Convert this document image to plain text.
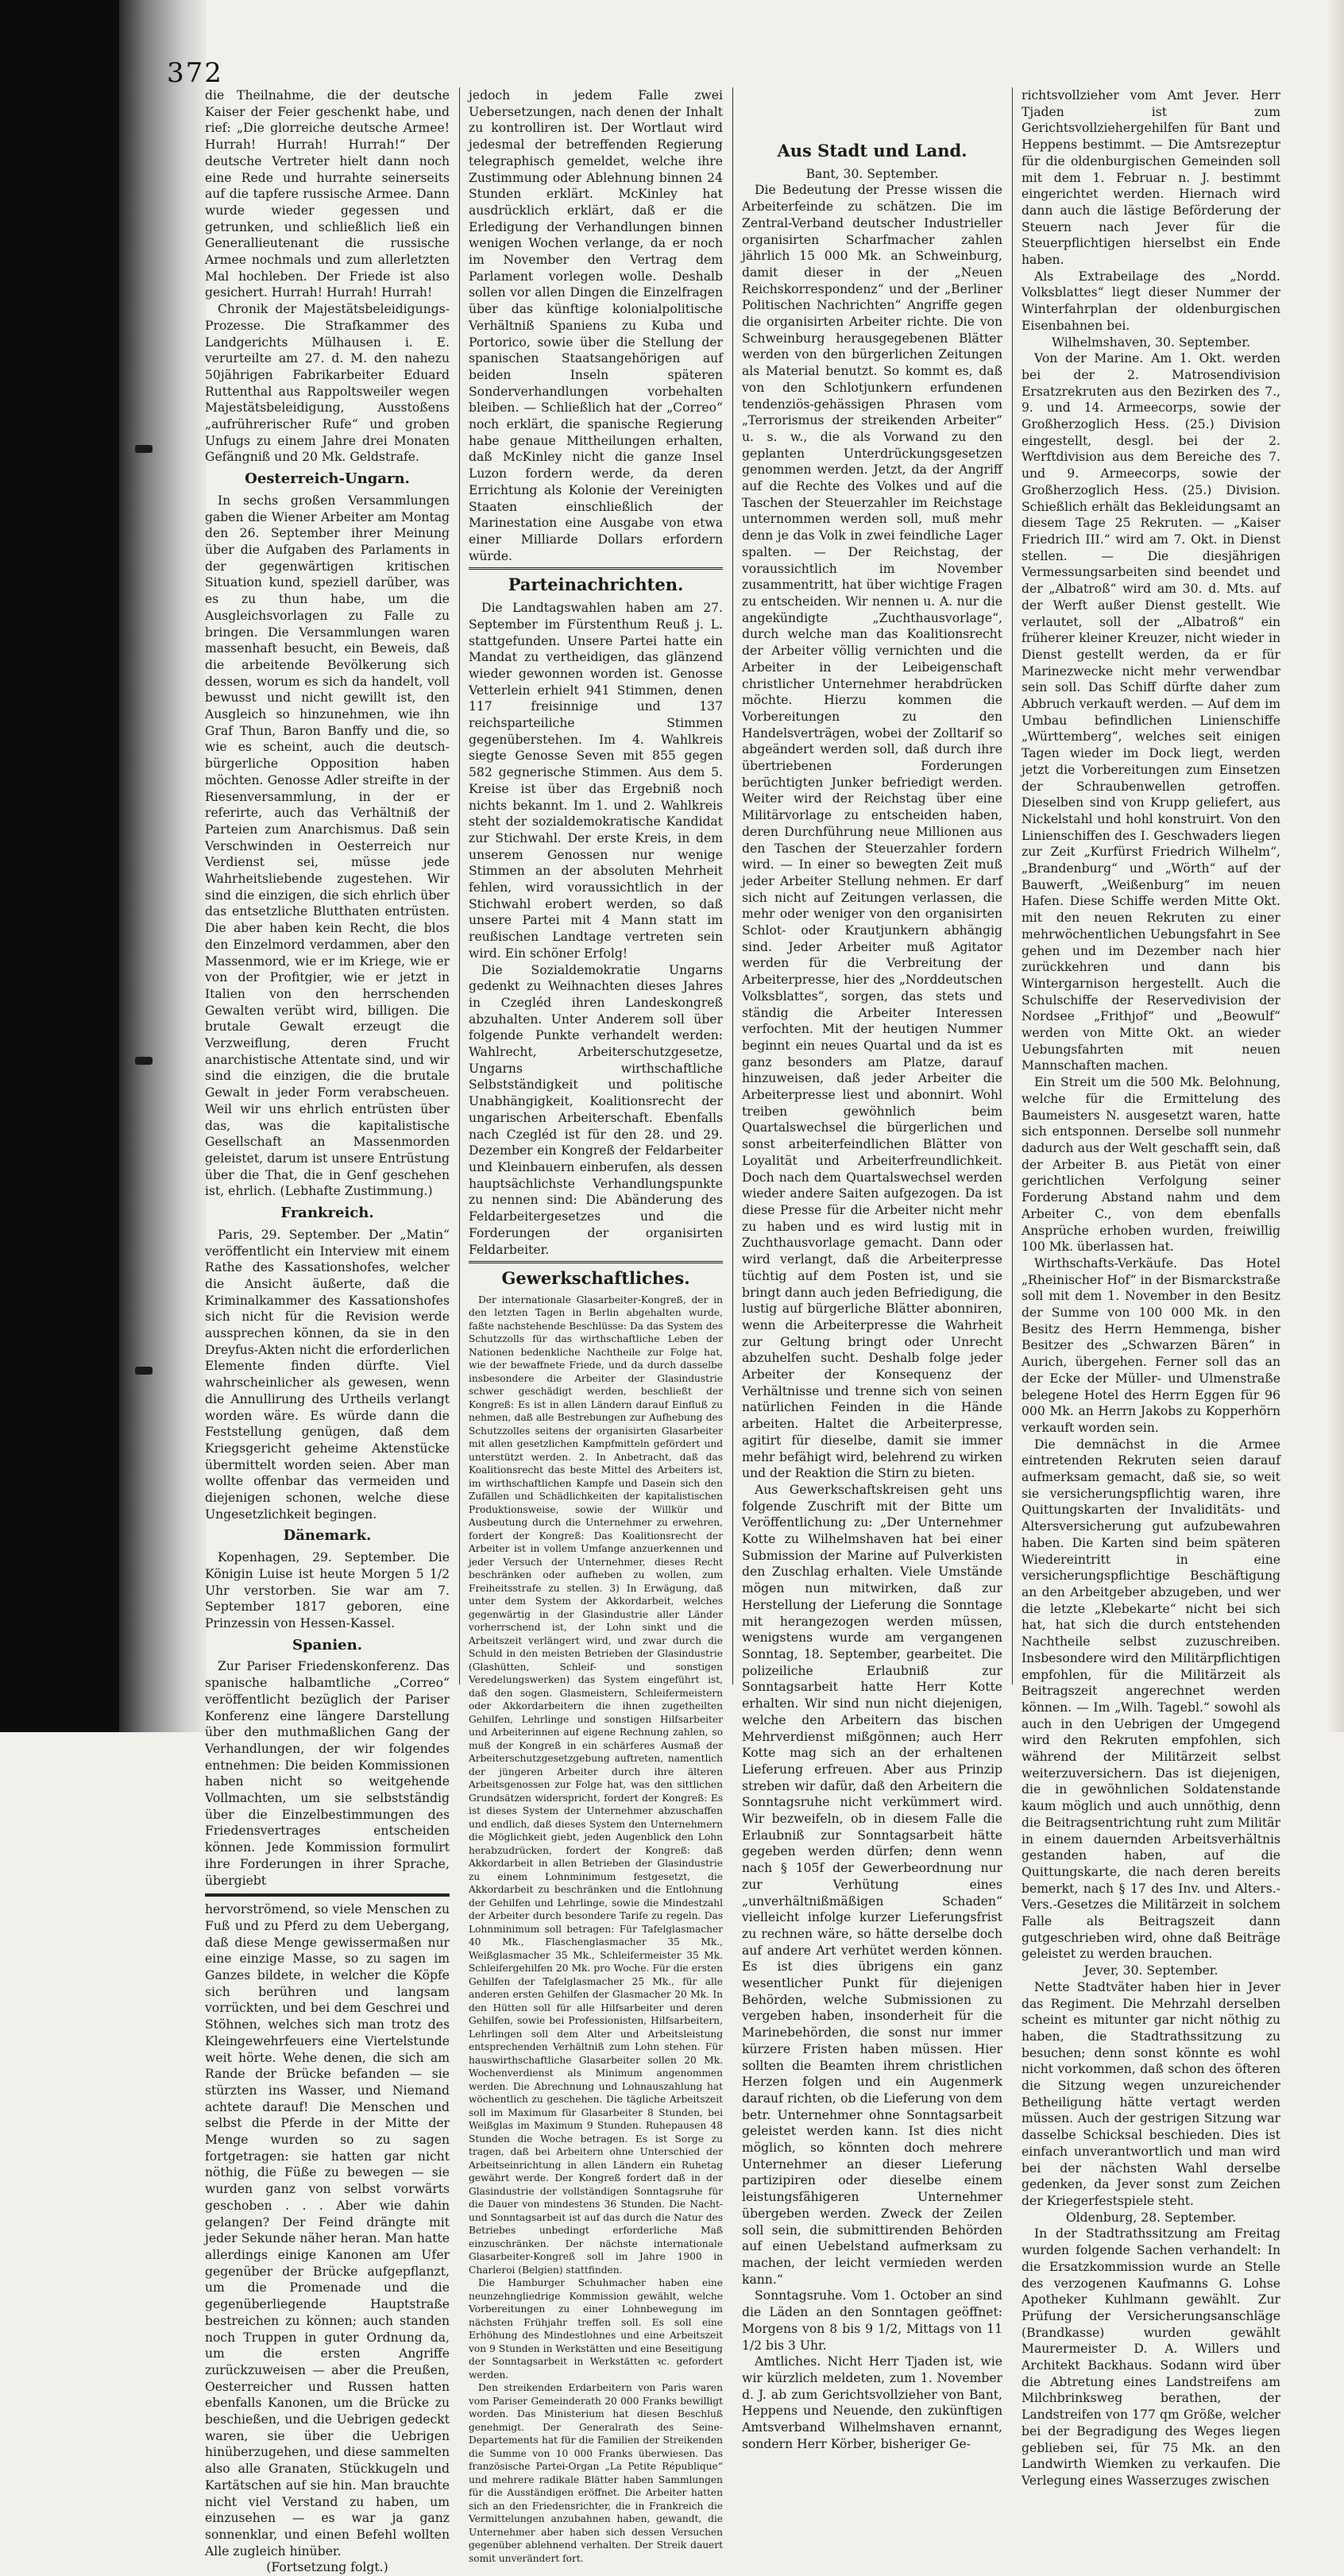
372

die Theilnahme, die der deutsche Kaiser der Feier geschenkt habe, und rief: „Die glorreiche deutsche Armee! Hurrah! Hurrah! Hurrah!“ Der deutsche Vertreter hielt dann noch eine Rede und hurrahte seinerseits auf die tapfere russische Armee. Dann wurde wieder gegessen und getrunken, und schließlich ließ ein Generallieutenant die russische Armee nochmals und zum allerletzten Mal hochleben. Der Friede ist also gesichert. Hurrah! Hurrah! Hurrah!

Chronik der Majestätsbeleidigungs-Prozesse. Die Strafkammer des Landgerichts Mülhausen i. E. verurteilte am 27. d. M. den nahezu 50jährigen Fabrikarbeiter Eduard Ruttenthal aus Rappoltsweiler wegen Majestätsbeleidigung, Ausstoßens „aufrührerischer Rufe“ und groben Unfugs zu einem Jahre drei Monaten Gefängniß und 20 Mk. Geldstrafe.

Oesterreich-Ungarn.

In sechs großen Versammlungen gaben die Wiener Arbeiter am Montag den 26. September ihrer Meinung über die Aufgaben des Parlaments in der gegenwärtigen kritischen Situation kund, speziell darüber, was es zu thun habe, um die Ausgleichsvorlagen zu Falle zu bringen. Die Versammlungen waren massenhaft besucht, ein Beweis, daß die arbeitende Bevölkerung sich dessen, worum es sich da handelt, voll bewusst und nicht gewillt ist, den Ausgleich so hinzunehmen, wie ihn Graf Thun, Baron Banffy und die, so wie es scheint, auch die deutsch-bürgerliche Opposition haben möchten. Genosse Adler streifte in der Riesenversammlung, in der er referirte, auch das Verhältniß der Parteien zum Anarchismus. Daß sein Verschwinden in Oesterreich nur Verdienst sei, müsse jede Wahrheitsliebende zugestehen. Wir sind die einzigen, die sich ehrlich über das entsetzliche Blutthaten entrüsten. Die aber haben kein Recht, die blos den Einzelmord verdammen, aber den Massenmord, wie er im Kriege, wie er von der Profitgier, wie er jetzt in Italien von den herrschenden Gewalten verübt wird, billigen. Die brutale Gewalt erzeugt die Verzweiflung, deren Frucht anarchistische Attentate sind, und wir sind die einzigen, die die brutale Gewalt in jeder Form verabscheuen. Weil wir uns ehrlich entrüsten über das, was die kapitalistische Gesellschaft an Massenmorden geleistet, darum ist unsere Entrüstung über die That, die in Genf geschehen ist, ehrlich. (Lebhafte Zustimmung.)

Frankreich.

Paris, 29. September. Der „Matin“ veröffentlicht ein Interview mit einem Rathe des Kassationshofes, welcher die Ansicht äußerte, daß die Kriminalkammer des Kassationshofes sich nicht für die Revision werde aussprechen können, da sie in den Dreyfus-Akten nicht die erforderlichen Elemente finden dürfte. Viel wahrscheinlicher als gewesen, wenn die Annullirung des Urtheils verlangt worden wäre. Es würde dann die Feststellung genügen, daß dem Kriegsgericht geheime Aktenstücke übermittelt worden seien. Aber man wollte offenbar das vermeiden und diejenigen schonen, welche diese Ungesetzlichkeit begingen.

Dänemark.

Kopenhagen, 29. September. Die Königin Luise ist heute Morgen 5 1/2 Uhr verstorben. Sie war am 7. September 1817 geboren, eine Prinzessin von Hessen-Kassel.

Spanien.

Zur Pariser Friedenskonferenz. Das spanische halbamtliche „Correo“ veröffentlicht bezüglich der Pariser Konferenz eine längere Darstellung über den muthmaßlichen Gang der Verhandlungen, der wir folgendes entnehmen: Die beiden Kommissionen haben nicht so weitgehende Vollmachten, um sie selbstständig über die Einzelbestimmungen des Friedensvertrages entscheiden können. Jede Kommission formulirt ihre Forderungen in ihrer Sprache, übergiebt

hervorströmend, so viele Menschen zu Fuß und zu Pferd zu dem Uebergang, daß diese Menge gewissermaßen nur eine einzige Masse, so zu sagen im Ganzes bildete, in welcher die Köpfe sich berühren und langsam vorrückten, und bei dem Geschrei und Stöhnen, welches sich man trotz des Kleingewehrfeuers eine Viertelstunde weit hörte. Wehe denen, die sich am Rande der Brücke befanden — sie stürzten ins Wasser, und Niemand achtete darauf! Die Menschen und selbst die Pferde in der Mitte der Menge wurden so zu sagen fortgetragen: sie hatten gar nicht nöthig, die Füße zu bewegen — sie wurden ganz von selbst vorwärts geschoben . . . Aber wie dahin gelangen? Der Feind drängte mit jeder Sekunde näher heran. Man hatte allerdings einige Kanonen am Ufer gegenüber der Brücke aufgepflanzt, um die Promenade und die gegenüberliegende Hauptstraße bestreichen zu können; auch standen noch Truppen in guter Ordnung da, um die ersten Angriffe zurückzuweisen — aber die Preußen, Oesterreicher und Russen hatten ebenfalls Kanonen, um die Brücke zu beschießen, und die Uebrigen gedeckt waren, sie über die Uebrigen hinüberzugehen, und diese sammelten also alle Granaten, Stückkugeln und Kartätschen auf sie hin. Man brauchte nicht viel Verstand zu haben, um einzusehen — es war ja ganz sonnenklar, und einen Befehl wollten Alle zugleich hinüber.

(Fortsetzung folgt.)

jedoch in jedem Falle zwei Uebersetzungen, nach denen der Inhalt zu kontrolliren ist. Der Wortlaut wird jedesmal der betreffenden Regierung telegraphisch gemeldet, welche ihre Zustimmung oder Ablehnung binnen 24 Stunden erklärt. McKinley hat ausdrücklich erklärt, daß er die Erledigung der Verhandlungen binnen wenigen Wochen verlange, da er noch im November den Vertrag dem Parlament vorlegen wolle. Deshalb sollen vor allen Dingen die Einzelfragen über das künftige kolonialpolitische Verhältniß Spaniens zu Kuba und Portorico, sowie über die Stellung der spanischen Staatsangehörigen auf beiden Inseln späteren Sonderverhandlungen vorbehalten bleiben. — Schließlich hat der „Correo“ noch erklärt, die spanische Regierung habe genaue Mittheilungen erhalten, daß McKinley nicht die ganze Insel Luzon fordern werde, da deren Errichtung als Kolonie der Vereinigten Staaten einschließlich der Marinestation eine Ausgabe von etwa einer Milliarde Dollars erfordern würde.

Parteinachrichten.

Die Landtagswahlen haben am 27. September im Fürstenthum Reuß j. L. stattgefunden. Unsere Partei hatte ein Mandat zu vertheidigen, das glänzend wieder gewonnen worden ist. Genosse Vetterlein erhielt 941 Stimmen, denen 117 freisinnige und 137 reichsparteiliche Stimmen gegenüberstehen. Im 4. Wahlkreis siegte Genosse Seven mit 855 gegen 582 gegnerische Stimmen. Aus dem 5. Kreise ist über das Ergebniß noch nichts bekannt. Im 1. und 2. Wahlkreis steht der sozialdemokratische Kandidat zur Stichwahl. Der erste Kreis, in dem unserem Genossen nur wenige Stimmen an der absoluten Mehrheit fehlen, wird voraussichtlich in der Stichwahl erobert werden, so daß unsere Partei mit 4 Mann statt im reußischen Landtage vertreten sein wird. Ein schöner Erfolg!

Die Sozialdemokratie Ungarns gedenkt zu Weihnachten dieses Jahres in Czegléd ihren Landeskongreß abzuhalten. Unter Anderem soll über folgende Punkte verhandelt werden: Wahlrecht, Arbeiterschutzgesetze, Ungarns wirthschaftliche Selbstständigkeit und politische Unabhängigkeit, Koalitionsrecht der ungarischen Arbeiterschaft. Ebenfalls nach Czegléd ist für den 28. und 29. Dezember ein Kongreß der Feldarbeiter und Kleinbauern einberufen, als dessen hauptsächlichste Verhandlungspunkte zu nennen sind: Die Abänderung des Feldarbeitergesetzes und die Forderungen der organisirten Feldarbeiter.

Gewerkschaftliches.

Der internationale Glasarbeiter-Kongreß, der in den letzten Tagen in Berlin abgehalten wurde, faßte nachstehende Beschlüsse: Da das System des Schutzzolls für das wirthschaftliche Leben der Nationen bedenkliche Nachtheile zur Folge hat, wie der bewaffnete Friede, und da durch dasselbe insbesondere die Arbeiter der Glasindustrie schwer geschädigt werden, beschließt der Kongreß: Es ist in allen Ländern darauf Einfluß zu nehmen, daß alle Bestrebungen zur Aufhebung des Schutzzolles seitens der organisirten Glasarbeiter mit allen gesetzlichen Kampfmitteln gefördert und unterstützt werden. 2. In Anbetracht, daß das Koalitionsrecht das beste Mittel des Arbeiters ist, im wirthschaftlichen Kampfe und Dasein sich den Zufällen und Schädlichkeiten der kapitalistischen Produktionsweise, sowie der Willkür und Ausbeutung durch die Unternehmer zu erwehren, fordert der Kongreß: Das Koalitionsrecht der Arbeiter ist in vollem Umfange anzuerkennen und jeder Versuch der Unternehmer, dieses Recht beschränken oder aufheben zu wollen, zum Freiheitsstrafe zu stellen. 3) In Erwägung, daß unter dem System der Akkordarbeit, welches gegenwärtig in der Glasindustrie aller Länder vorherrschend ist, der Lohn sinkt und die Arbeitszeit verlängert wird, und zwar durch die Schuld in den meisten Betrieben der Glasindustrie (Glashütten, Schleif- und sonstigen Veredelungswerken) das System eingeführt ist, daß den sogen. Glasmeistern, Schleifermeistern oder Akkordarbeitern die ihnen zugetheilten Gehilfen, Lehrlinge und sonstigen Hilfsarbeiter und Arbeiterinnen auf eigene Rechnung zahlen, so muß der Kongreß in ein schärferes Ausmaß der Arbeiterschutzgesetzgebung auftreten, namentlich der jüngeren Arbeiter durch ihre älteren Arbeitsgenossen zur Folge hat, was den sittlichen Grundsätzen widerspricht, fordert der Kongreß: Es ist dieses System der Unternehmer abzuschaffen und endlich, daß dieses System den Unternehmern die Möglichkeit giebt, jeden Augenblick den Lohn herabzudrücken, fordert der Kongreß: daß Akkordarbeit in allen Betrieben der Glasindustrie zu einem Lohnminimum festgesetzt, die Akkordarbeit zu beschränken und die Entlohnung der Gehilfen und Lehrlinge, sowie die Mindestzahl der Arbeiter durch besondere Tarife zu regeln. Das Lohnminimum soll betragen: Für Tafelglasmacher 40 Mk., Flaschenglasmacher 35 Mk., Weißglasmacher 35 Mk., Schleifermeister 35 Mk. Schleifergehilfen 20 Mk. pro Woche. Für die ersten Gehilfen der Tafelglasmacher 25 Mk., für alle anderen ersten Gehilfen der Glasmacher 20 Mk. In den Hütten soll für alle Hilfsarbeiter und deren Gehilfen, sowie bei Professionisten, Hilfsarbeitern, Lehrlingen soll dem Alter und Arbeitsleistung entsprechenden Verhältniß zum Lohn stehen. Für hauswirthschaftliche Glasarbeiter sollen 20 Mk. Wochenverdienst als Minimum angenommen werden. Die Abrechnung und Lohnauszahlung hat wöchentlich zu geschehen. Die tägliche Arbeitszeit soll im Maximum für Glasarbeiter 8 Stunden, bei Weißglas im Maximum 9 Stunden. Ruhepausen 48 Stunden die Woche betragen. Es ist Sorge zu tragen, daß bei Arbeitern ohne Unterschied der Arbeitseinrichtung in allen Ländern ein Ruhetag gewährt werde. Der Kongreß fordert daß in der Glasindustrie der vollständigen Sonntagsruhe für die Dauer von mindestens 36 Stunden. Die Nacht- und Sonntagsarbeit ist auf das durch die Natur des Betriebes unbedingt erforderliche Maß einzuschränken. Der nächste internationale Glasarbeiter-Kongreß soll im Jahre 1900 in Charleroi (Belgien) stattfinden.

Die Hamburger Schuhmacher haben eine neunzehngliedrige Kommission gewählt, welche Vorbereitungen zu einer Lohnbewegung im nächsten Frühjahr treffen soll. Es soll eine Erhöhung des Mindestlohnes und eine Arbeitszeit von 9 Stunden in Werkstätten und eine Beseitigung der Sonntagsarbeit in Werkstätten ꝛc. gefordert werden.

Den streikenden Erdarbeitern von Paris waren vom Pariser Gemeinderath 20 000 Franks bewilligt worden. Das Ministerium hat diesen Beschluß genehmigt. Der Generalrath des Seine-Departements hat für die Familien der Streikenden die Summe von 10 000 Franks überwiesen. Das französische Partei-Organ „La Petite République“ und mehrere radikale Blätter haben Sammlungen für die Ausständigen eröffnet. Die Arbeiter hatten sich an den Friedensrichter, die in Frankreich die Vermittelungen anzubahnen haben, gewandt, die Unternehmer aber haben sich dessen Versuchen gegenüber ablehnend verhalten. Der Streik dauert somit unverändert fort.

Aus Stadt und Land.

Bant, 30. September.

Die Bedeutung der Presse wissen die Arbeiterfeinde zu schätzen. Die im Zentral-Verband deutscher Industrieller organisirten Scharfmacher zahlen jährlich 15 000 Mk. an Schweinburg, damit dieser in der „Neuen Reichskorrespondenz“ und der „Berliner Politischen Nachrichten“ Angriffe gegen die organisirten Arbeiter richte. Die von Schweinburg herausgegebenen Blätter werden von den bürgerlichen Zeitungen als Material benutzt. So kommt es, daß von den Schlotjunkern erfundenen tendenziös-gehässigen Phrasen vom „Terrorismus der streikenden Arbeiter“ u. s. w., die als Vorwand zu den geplanten Unterdrückungsgesetzen genommen werden. Jetzt, da der Angriff auf die Rechte des Volkes und auf die Taschen der Steuerzahler im Reichstage unternommen werden soll, muß mehr denn je das Volk in zwei feindliche Lager spalten. — Der Reichstag, der voraussichtlich im November zusammentritt, hat über wichtige Fragen zu entscheiden. Wir nennen u. A. nur die angekündigte „Zuchthausvorlage“, durch welche man das Koalitionsrecht der Arbeiter völlig vernichten und die Arbeiter in der Leibeigenschaft christlicher Unternehmer herabdrücken möchte. Hierzu kommen die Vorbereitungen zu den Handelsverträgen, wobei der Zolltarif so abgeändert werden soll, daß durch ihre übertriebenen Forderungen berüchtigten Junker befriedigt werden. Weiter wird der Reichstag über eine Militärvorlage zu entscheiden haben, deren Durchführung neue Millionen aus den Taschen der Steuerzahler fordern wird. — In einer so bewegten Zeit muß jeder Arbeiter Stellung nehmen. Er darf sich nicht auf Zeitungen verlassen, die mehr oder weniger von den organisirten Schlot- oder Krautjunkern abhängig sind. Jeder Arbeiter muß Agitator werden für die Verbreitung der Arbeiterpresse, hier des „Norddeutschen Volksblattes“, sorgen, das stets und ständig die Arbeiter Interessen verfochten. Mit der heutigen Nummer beginnt ein neues Quartal und da ist es ganz besonders am Platze, darauf hinzuweisen, daß jeder Arbeiter die Arbeiterpresse liest und abonnirt. Wohl treiben gewöhnlich beim Quartalswechsel die bürgerlichen und sonst arbeiterfeindlichen Blätter von Loyalität und Arbeiterfreundlichkeit. Doch nach dem Quartalswechsel werden wieder andere Saiten aufgezogen. Da ist diese Presse für die Arbeiter nicht mehr zu haben und es wird lustig mit in Zuchthausvorlage gemacht. Dann oder wird verlangt, daß die Arbeiterpresse tüchtig auf dem Posten ist, und sie bringt dann auch jeden Befriedigung, die lustig auf bürgerliche Blätter abonniren, wenn die Arbeiterpresse die Wahrheit zur Geltung bringt oder Unrecht abzuhelfen sucht. Deshalb folge jeder Arbeiter der Konsequenz der Verhältnisse und trenne sich von seinen natürlichen Feinden in die Hände arbeiten. Haltet die Arbeiterpresse, agitirt für dieselbe, damit sie immer mehr befähigt wird, belehrend zu wirken und der Reaktion die Stirn zu bieten.

Aus Gewerkschaftskreisen geht uns folgende Zuschrift mit der Bitte um Veröffentlichung zu: „Der Unternehmer Kotte zu Wilhelmshaven hat bei einer Submission der Marine auf Pulverkisten den Zuschlag erhalten. Viele Umstände mögen nun mitwirken, daß zur Herstellung der Lieferung die Sonntage mit herangezogen werden müssen, wenigstens wurde am vergangenen Sonntag, 18. September, gearbeitet. Die polizeiliche Erlaubniß zur Sonntagsarbeit hatte Herr Kotte erhalten. Wir sind nun nicht diejenigen, welche den Arbeitern das bischen Mehrverdienst mißgönnen; auch Herr Kotte mag sich an der erhaltenen Lieferung erfreuen. Aber aus Prinzip streben wir dafür, daß den Arbeitern die Sonntagsruhe nicht verkümmert wird. Wir bezweifeln, ob in diesem Falle die Erlaubniß zur Sonntagsarbeit hätte gegeben werden dürfen; denn wenn nach § 105f der Gewerbeordnung nur zur Verhütung eines „unverhältnißmäßigen Schaden“ vielleicht infolge kurzer Lieferungsfrist zu rechnen wäre, so hätte derselbe doch auf andere Art verhütet werden können. Es ist dies übrigens ein ganz wesentlicher Punkt für diejenigen Behörden, welche Submissionen zu vergeben haben, insonderheit für die Marinebehörden, die sonst nur immer kürzere Fristen haben müssen. Hier sollten die Beamten ihrem christlichen Herzen folgen und ein Augenmerk darauf richten, ob die Lieferung von dem betr. Unternehmer ohne Sonntagsarbeit geleistet werden kann. Ist dies nicht möglich, so könnten doch mehrere Unternehmer an dieser Lieferung partizipiren oder dieselbe einem leistungsfähigeren Unternehmer übergeben werden. Zweck der Zeilen soll sein, die submittirenden Behörden auf einen Uebelstand aufmerksam zu machen, der leicht vermieden werden kann.“

Sonntagsruhe. Vom 1. October an sind die Läden an den Sonntagen geöffnet: Morgens von 8 bis 9 1/2, Mittags von 11 1/2 bis 3 Uhr.

Amtliches. Nicht Herr Tjaden ist, wie wir kürzlich meldeten, zum 1. November d. J. ab zum Gerichtsvollzieher von Bant, Heppens und Neuende, den zukünftigen Amtsverband Wilhelmshaven ernannt, sondern Herr Körber, bisheriger Ge-

richtsvollzieher vom Amt Jever. Herr Tjaden ist zum Gerichtsvollziehergehilfen für Bant und Heppens bestimmt. — Die Amtsrezeptur für die oldenburgischen Gemeinden soll mit dem 1. Februar n. J. bestimmt eingerichtet werden. Hiernach wird dann auch die lästige Beförderung der Steuern nach Jever für die Steuerpflichtigen hierselbst ein Ende haben.

Als Extrabeilage des „Nordd. Volksblattes“ liegt dieser Nummer der Winterfahrplan der oldenburgischen Eisenbahnen bei.

Wilhelmshaven, 30. September.

Von der Marine. Am 1. Okt. werden bei der 2. Matrosendivision Ersatzrekruten aus den Bezirken des 7., 9. und 14. Armeecorps, sowie der Großherzoglich Hess. (25.) Division eingestellt, desgl. bei der 2. Werftdivision aus dem Bereiche des 7. und 9. Armeecorps, sowie der Großherzoglich Hess. (25.) Division. Schießlich erhält das Bekleidungsamt an diesem Tage 25 Rekruten. — „Kaiser Friedrich III.“ wird am 7. Okt. in Dienst stellen. — Die diesjährigen Vermessungsarbeiten sind beendet und der „Albatroß“ wird am 30. d. Mts. auf der Werft außer Dienst gestellt. Wie verlautet, soll der „Albatroß“ ein früherer kleiner Kreuzer, nicht wieder in Dienst gestellt werden, da er für Marinezwecke nicht mehr verwendbar sein soll. Das Schiff dürfte daher zum Abbruch verkauft werden. — Auf dem im Umbau befindlichen Linienschiffe „Württemberg“, welches seit einigen Tagen wieder im Dock liegt, werden jetzt die Vorbereitungen zum Einsetzen der Schraubenwellen getroffen. Dieselben sind von Krupp geliefert, aus Nickelstahl und hohl konstruirt. Von den Linienschiffen des I. Geschwaders liegen zur Zeit „Kurfürst Friedrich Wilhelm“, „Brandenburg“ und „Wörth“ auf der Bauwerft, „Weißenburg“ im neuen Hafen. Diese Schiffe werden Mitte Okt. mit den neuen Rekruten zu einer mehrwöchentlichen Uebungsfahrt in See gehen und im Dezember nach hier zurückkehren und dann bis Wintergarnison hergestellt. Auch die Schulschiffe der Reservedivision der Nordsee „Frithjof“ und „Beowulf“ werden von Mitte Okt. an wieder Uebungsfahrten mit neuen Mannschaften machen.

Ein Streit um die 500 Mk. Belohnung, welche für die Ermittelung des Baumeisters N. ausgesetzt waren, hatte sich entsponnen. Derselbe soll nunmehr dadurch aus der Welt geschafft sein, daß der Arbeiter B. aus Pietät von einer gerichtlichen Verfolgung seiner Forderung Abstand nahm und dem Arbeiter C., von dem ebenfalls Ansprüche erhoben wurden, freiwillig 100 Mk. überlassen hat.

Wirthschafts-Verkäufe. Das Hotel „Rheinischer Hof“ in der Bismarckstraße soll mit dem 1. November in den Besitz der Summe von 100 000 Mk. in den Besitz des Herrn Hemmenga, bisher Besitzer des „Schwarzen Bären“ in Aurich, übergehen. Ferner soll das an der Ecke der Müller- und Ulmenstraße belegene Hotel des Herrn Eggen für 96 000 Mk. an Herrn Jakobs zu Kopperhörn verkauft worden sein.

Die demnächst in die Armee eintretenden Rekruten seien darauf aufmerksam gemacht, daß sie, so weit sie versicherungspflichtig waren, ihre Quittungskarten der Invaliditäts- und Altersversicherung gut aufzubewahren haben. Die Karten sind beim späteren Wiedereintritt in eine versicherungspflichtige Beschäftigung an den Arbeitgeber abzugeben, und wer die letzte „Klebekarte“ nicht bei sich hat, hat sich die durch entstehenden Nachtheile selbst zuzuschreiben. Insbesondere wird den Militärpflichtigen empfohlen, für die Militärzeit als Beitragszeit angerechnet werden können. — Im „Wilh. Tagebl.“ sowohl als auch in den Uebrigen der Umgegend wird den Rekruten empfohlen, sich während der Militärzeit selbst weiterzuversichern. Das ist diejenigen, die in gewöhnlichen Soldatenstande kaum möglich und auch unnöthig, denn die Beitragsentrichtung ruht zum Militär in einem dauernden Arbeitsverhältnis gestanden haben, auf die Quittungskarte, die nach deren bereits bemerkt, nach § 17 des Inv. und Alters.-Vers.-Gesetzes die Militärzeit in solchem Falle als Beitragszeit dann gutgeschrieben wird, ohne daß Beiträge geleistet zu werden brauchen.

Jever, 30. September.

Nette Stadtväter haben hier in Jever das Regiment. Die Mehrzahl derselben scheint es mitunter gar nicht nöthig zu haben, die Stadtrathssitzung zu besuchen; denn sonst könnte es wohl nicht vorkommen, daß schon des öfteren die Sitzung wegen unzureichender Betheiligung hätte vertagt werden müssen. Auch der gestrigen Sitzung war dasselbe Schicksal beschieden. Dies ist einfach unverantwortlich und man wird bei der nächsten Wahl derselbe gedenken, da Jever sonst zum Zeichen der Kriegerfestspiele steht.

Oldenburg, 28. September.

In der Stadtrathssitzung am Freitag wurden folgende Sachen verhandelt: In die Ersatzkommission wurde an Stelle des verzogenen Kaufmanns G. Lohse Apotheker Kuhlmann gewählt. Zur Prüfung der Versicherungsanschläge (Brandkasse) wurden gewählt Maurermeister D. A. Willers und Architekt Backhaus. Sodann wird über die Abtretung eines Landstreifens am Milchbrinksweg berathen, der Landstreifen von 177 qm Größe, welcher bei der Begradigung des Weges liegen geblieben sei, für 75 Mk. an den Landwirth Wiemken zu verkaufen. Die Verlegung eines Wasserzuges zwischen
